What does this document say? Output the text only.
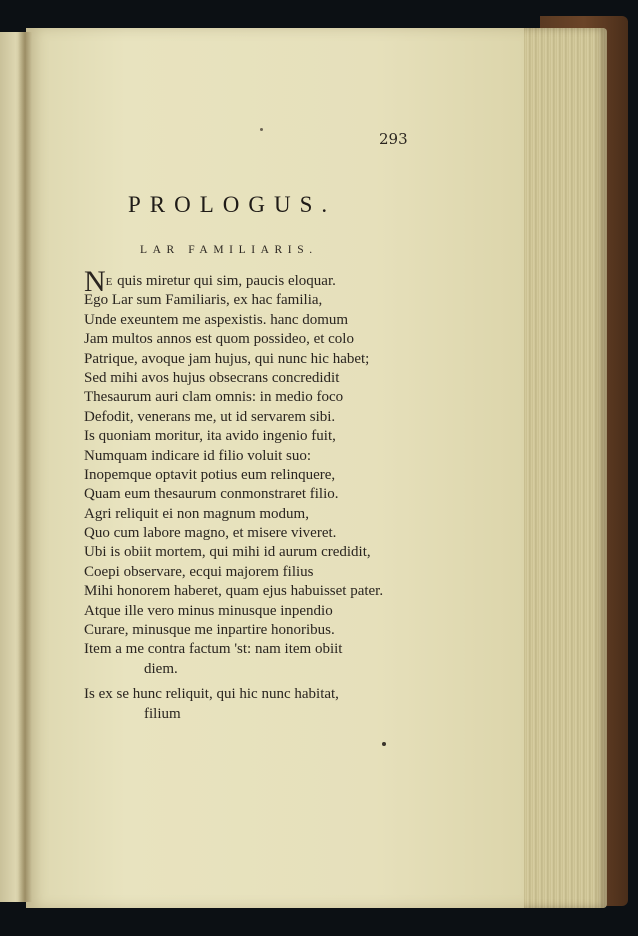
293
PROLOGUS.
LAR FAMILIARIS.
NE quis miretur qui sim, paucis eloquar.
Ego Lar sum Familiaris, ex hac familia,
Unde exeuntem me aspexistis. hanc domum
Jam multos annos est quom possideo, et colo
Patrique, avoque jam hujus, qui nunc hic habet;
Sed mihi avos hujus obsecrans concredidit
Thesaurum auri clam omnis: in medio foco
Defodit, venerans me, ut id servarem sibi.
Is quoniam moritur, ita avido ingenio fuit,
Numquam indicare id filio voluit suo:
Inopemque optavit potius eum relinquere,
Quam eum thesaurum conmonstraret filio.
Agri reliquit ei non magnum modum,
Quo cum labore magno, et misere viveret.
Ubi is obiit mortem, qui mihi id aurum credidit,
Coepi observare, ecqui majorem filius
Mihi honorem haberet, quam ejus habuisset pater.
Atque ille vero minus minusque inpendio
Curare, minusque me inpartire honoribus.
Item a me contra factum 'st: nam item obiit
diem.
Is ex se hunc reliquit, qui hic nunc habitat,
filium
